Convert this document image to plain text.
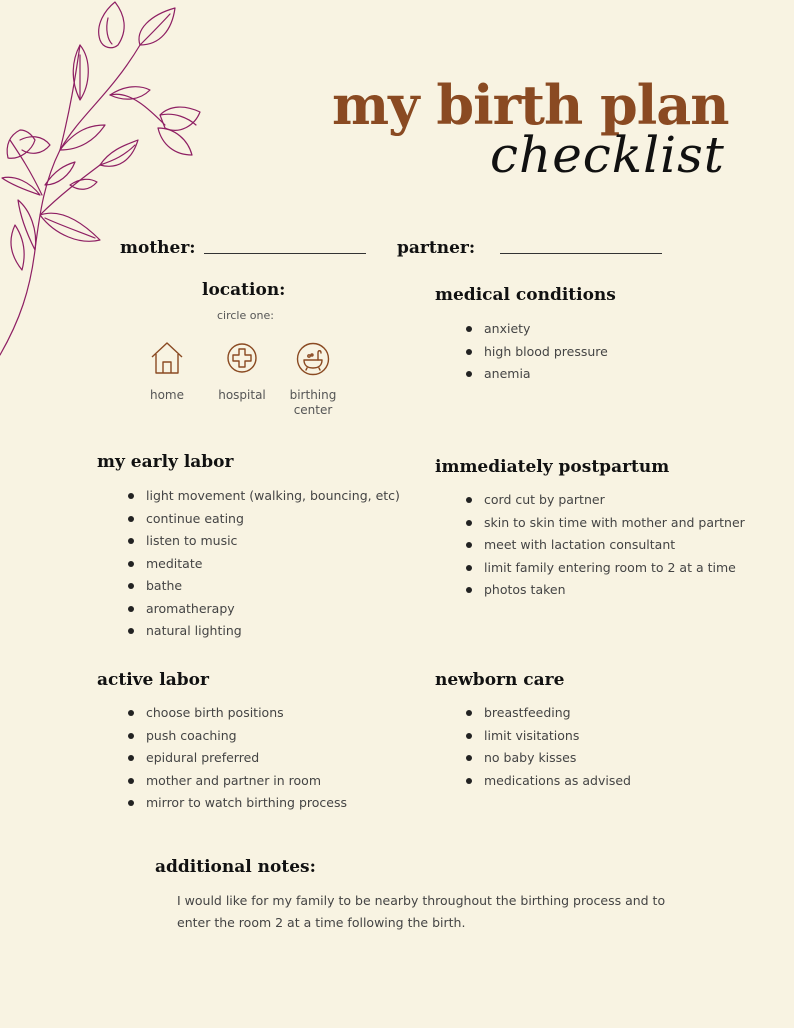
my birth plan
checklist
mother:	partner:
location:
circle one:
home	hospital	birthing center
medical conditions
anxiety
high blood pressure
anemia
my early labor
light movement (walking, bouncing, etc)
continue eating
listen to music
meditate
bathe
aromatherapy
natural lighting
immediately postpartum
cord cut by partner
skin to skin time with mother and partner
meet with lactation consultant
limit family entering room to 2 at a time
photos taken
active labor
choose birth positions
push coaching
epidural preferred
mother and partner in room
mirror to watch birthing process
newborn care
breastfeeding
limit visitations
no baby kisses
medications as advised
additional notes:
I would like for my family to be nearby throughout the birthing process and to enter the room 2 at a time following the birth.
